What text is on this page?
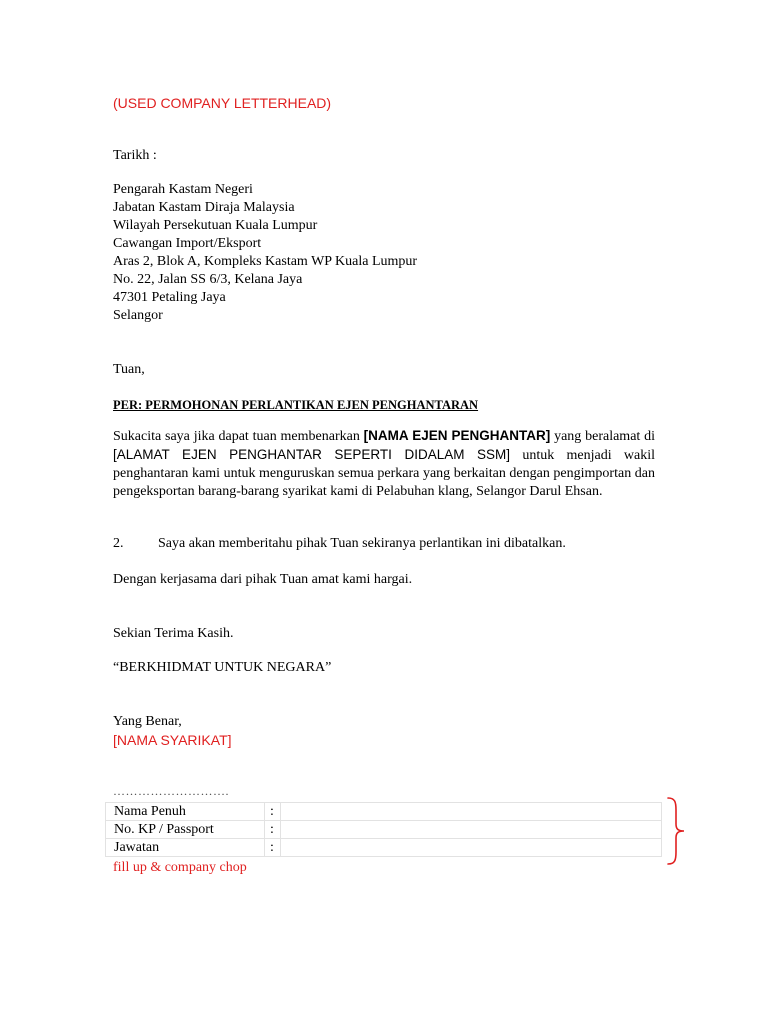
(USED COMPANY LETTERHEAD)
Tarikh :
Pengarah Kastam Negeri
Jabatan Kastam Diraja Malaysia
Wilayah Persekutuan Kuala Lumpur
Cawangan Import/Eksport
Aras 2, Blok A, Kompleks Kastam WP Kuala Lumpur
No. 22, Jalan SS 6/3, Kelana Jaya
47301 Petaling Jaya
Selangor
Tuan,
PER: PERMOHONAN PERLANTIKAN EJEN PENGHANTARAN
Sukacita saya jika dapat tuan membenarkan [NAMA EJEN PENGHANTAR] yang beralamat di [ALAMAT EJEN PENGHANTAR SEPERTI DIDALAM SSM] untuk menjadi wakil penghantaran kami untuk menguruskan semua perkara yang berkaitan dengan pengimportan dan pengeksportan barang-barang syarikat kami di Pelabuhan klang, Selangor Darul Ehsan.
2. Saya akan memberitahu pihak Tuan sekiranya perlantikan ini dibatalkan.
Dengan kerjasama dari pihak Tuan amat kami hargai.
Sekian Terima Kasih.
“BERKHIDMAT UNTUK NEGARA”
Yang Benar,
[NAMA SYARIKAT]
……………………….
Nama Penuh	:	
No. KP / Passport	:	
Jawatan	:	
fill up & company chop
